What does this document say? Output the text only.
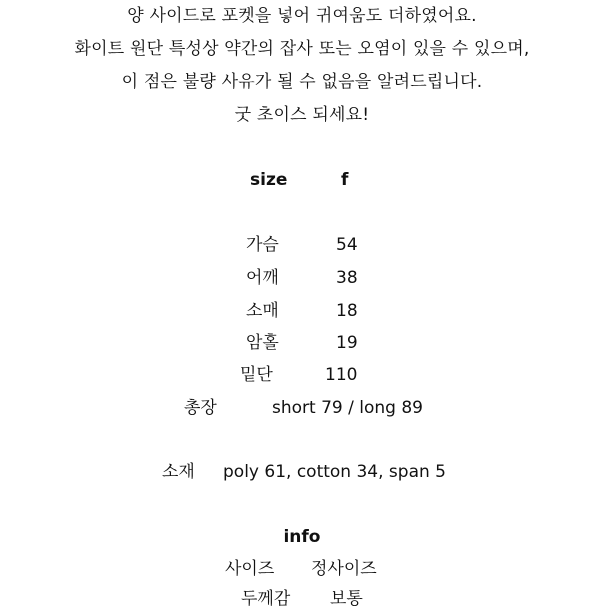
양 사이드로 포켓을 넣어 귀여움도 더하였어요.
화이트 원단 특성상 약간의 잡사 또는 오염이 있을 수 있으며,
이 점은 불량 사유가 될 수 없음을 알려드립니다.
굿 초이스 되세요!
size	f
가슴	54
어깨	38
소매	18
암홀	19
밑단	110
총장	short 79 / long 89
소재 poly 61, cotton 34, span 5
info
사이즈 정사이즈
두께감 보통
